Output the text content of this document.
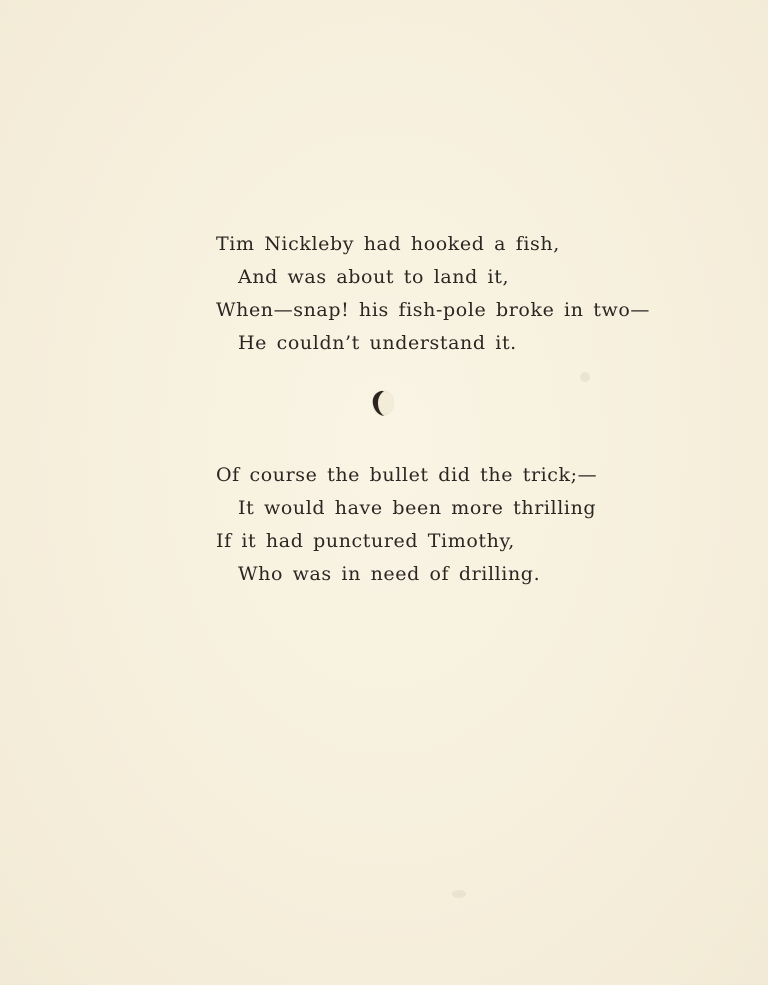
Tim Nickleby had hooked a fish,
And was about to land it,
When—snap! his fish-pole broke in two—
He couldn’t understand it.
Of course the bullet did the trick;—
It would have been more thrilling
If it had punctured Timothy,
Who was in need of drilling.
